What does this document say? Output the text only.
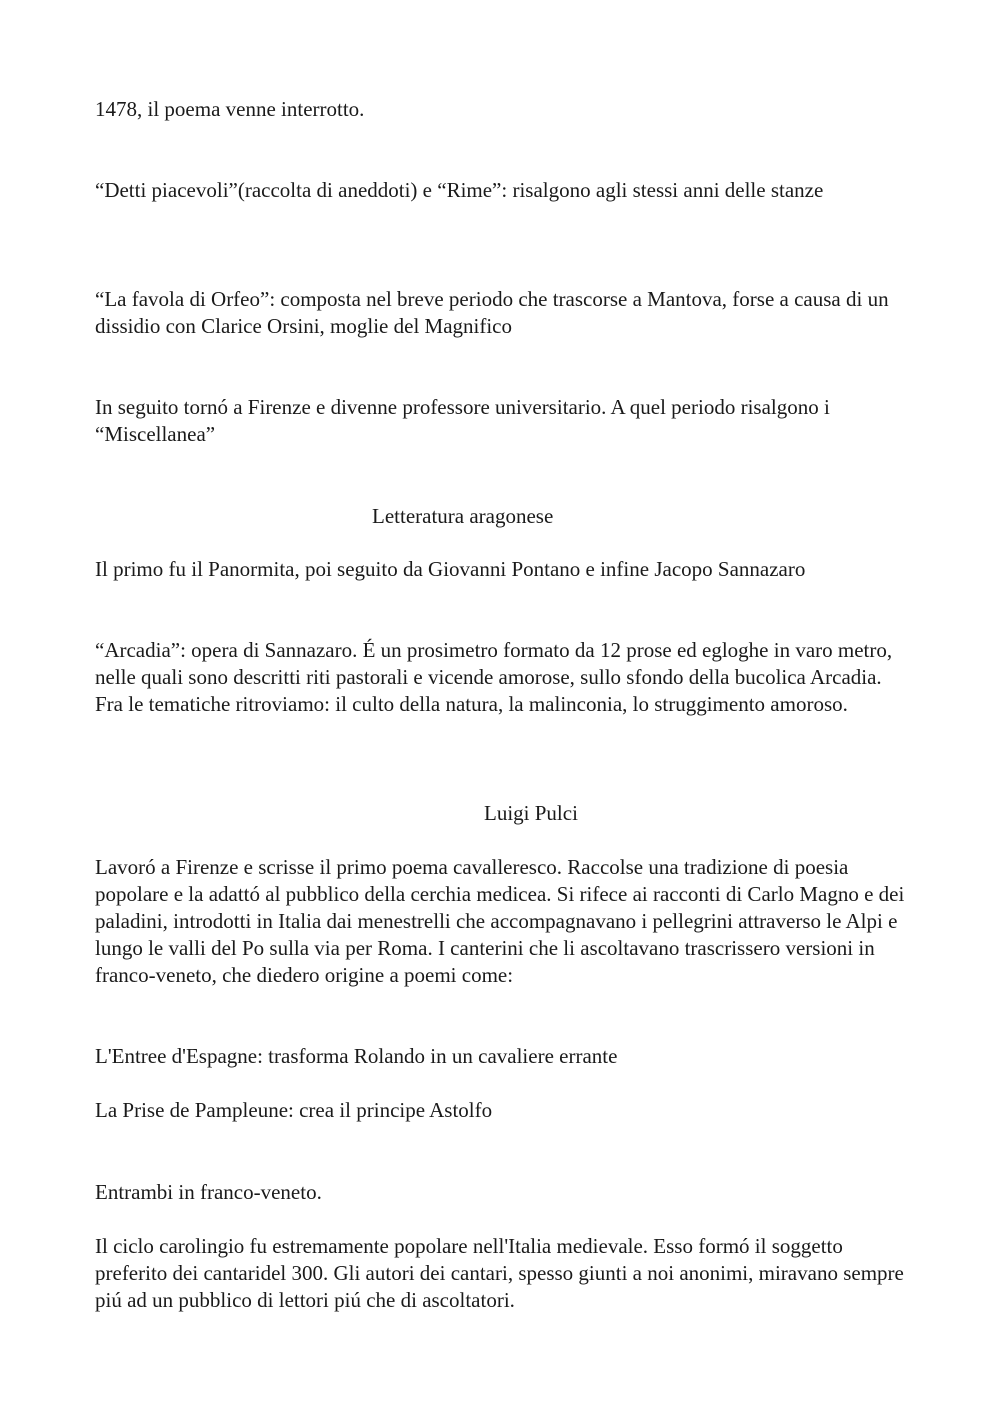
1478, il poema venne interrotto.

“Detti piacevoli”(raccolta di aneddoti) e “Rime”: risalgono agli stessi anni delle stanze

“La favola di Orfeo”: composta nel breve periodo che trascorse a Mantova, forse a causa di un dissidio con Clarice Orsini, moglie del Magnifico

In seguito tornó a Firenze e divenne professore universitario. A quel periodo risalgono i “Miscellanea”

Letteratura aragonese

Il primo fu il Panormita, poi seguito da Giovanni Pontano e infine Jacopo Sannazaro

“Arcadia”: opera di Sannazaro. É un prosimetro formato da 12 prose ed egloghe in varo metro, nelle quali sono descritti riti pastorali e vicende amorose, sullo sfondo della bucolica Arcadia. Fra le tematiche ritroviamo: il culto della natura, la malinconia, lo struggimento amoroso.

Luigi Pulci

Lavoró a Firenze e scrisse il primo poema cavalleresco. Raccolse una tradizione di poesia popolare e la adattó al pubblico della cerchia medicea. Si rifece ai racconti di Carlo Magno e dei paladini, introdotti in Italia dai menestrelli che accompagnavano i pellegrini attraverso le Alpi e lungo le valli del Po sulla via per Roma. I canterini che li ascoltavano trascrissero versioni in franco-veneto, che diedero origine a poemi come:

L'Entree d'Espagne: trasforma Rolando in un cavaliere errante

La Prise de Pampleune: crea il principe Astolfo

Entrambi in franco-veneto.

Il ciclo carolingio fu estremamente popolare nell'Italia medievale. Esso formó il soggetto preferito dei cantaridel 300. Gli autori dei cantari, spesso giunti a noi anonimi, miravano sempre piú ad un pubblico di lettori piú che di ascoltatori.
